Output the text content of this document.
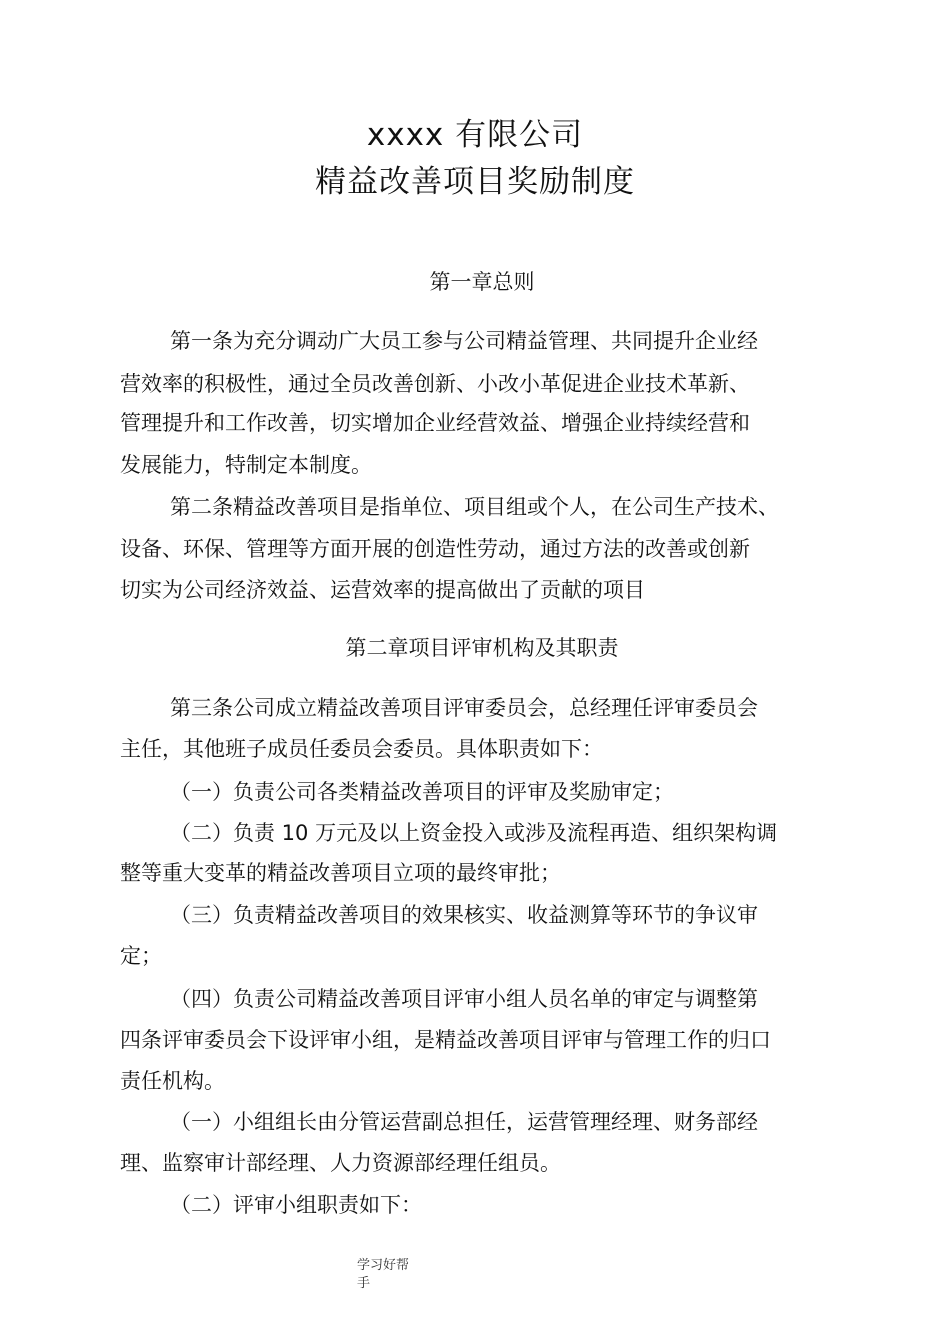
xxxx 有限公司
精益改善项目奖励制度
第一章总则
第一条为充分调动广大员工参与公司精益管理、共同提升企业经
营效率的积极性，通过全员改善创新、小改小革促进企业技术革新、
管理提升和工作改善，切实增加企业经营效益、增强企业持续经营和
发展能力，特制定本制度。
第二条精益改善项目是指单位、项目组或个人，在公司生产技术、
设备、环保、管理等方面开展的创造性劳动，通过方法的改善或创新
切实为公司经济效益、运营效率的提高做出了贡献的项目
第二章项目评审机构及其职责
第三条公司成立精益改善项目评审委员会，总经理任评审委员会
主任，其他班子成员任委员会委员。具体职责如下：
（一）负责公司各类精益改善项目的评审及奖励审定；
（二）负责 10 万元及以上资金投入或涉及流程再造、组织架构调
整等重大变革的精益改善项目立项的最终审批；
（三）负责精益改善项目的效果核实、收益测算等环节的争议审
定；
（四）负责公司精益改善项目评审小组人员名单的审定与调整第
四条评审委员会下设评审小组，是精益改善项目评审与管理工作的归口
责任机构。
（一）小组组长由分管运营副总担任，运营管理经理、财务部经
理、监察审计部经理、人力资源部经理任组员。
（二）评审小组职责如下：
学习好帮
手
